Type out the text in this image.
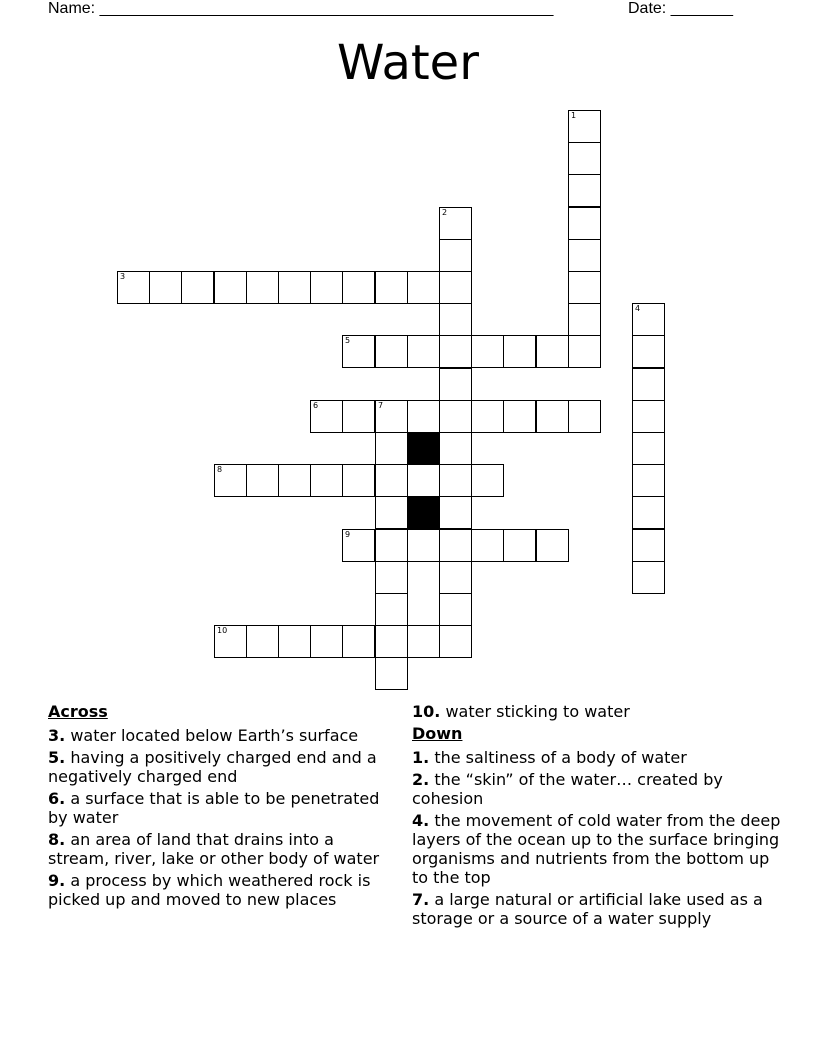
Name: ___________________________________________________	Date: _______
Water
1
2
3
4
5
6	7
8
9
10
Across
3. water located below Earth’s surface
5. having a positively charged end and a negatively charged end
6. a surface that is able to be penetrated by water
8. an area of land that drains into a stream, river, lake or other body of water
9. a process by which weathered rock is picked up and moved to new places
10. water sticking to water
Down
1. the saltiness of a body of water
2. the “skin” of the water… created by cohesion
4. the movement of cold water from the deep layers of the ocean up to the surface bringing organisms and nutrients from the bottom up to the top
7. a large natural or artificial lake used as a storage or a source of a water supply
